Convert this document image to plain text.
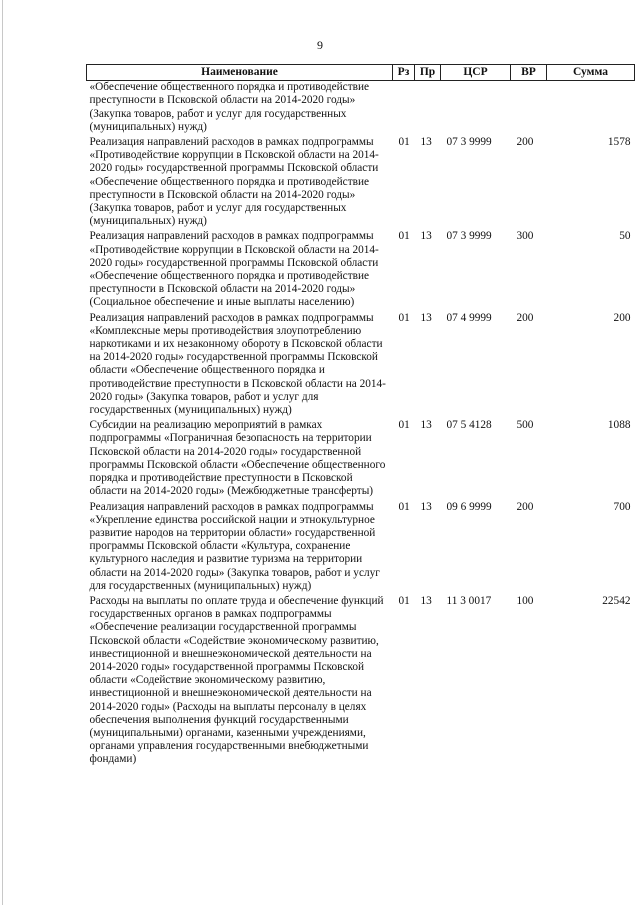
9
Наименование	Рз	Пр	ЦСР	ВР	Сумма
«Обеспечение общественного порядка и противодействие преступности в Псковской области на 2014-2020 годы» (Закупка товаров, работ и услуг для государственных (муниципальных) нужд)					
Реализация направлений расходов в рамках подпрограммы «Противодействие коррупции в Псковской области на 2014-2020 годы» государственной программы Псковской области «Обеспечение общественного порядка и противодействие преступности в Псковской области на 2014-2020 годы» (Закупка товаров, работ и услуг для государственных (муниципальных) нужд)	01	13	07 3 9999	200	1578
Реализация направлений расходов в рамках подпрограммы «Противодействие коррупции в Псковской области на 2014-2020 годы» государственной программы Псковской области «Обеспечение общественного порядка и противодействие преступности в Псковской области на 2014-2020 годы» (Социальное обеспечение и иные выплаты населению)	01	13	07 3 9999	300	50
Реализация направлений расходов в рамках подпрограммы «Комплексные меры противодействия злоупотреблению наркотиками и их незаконному обороту в Псковской области на 2014-2020 годы» государственной программы Псковской области «Обеспечение общественного порядка и противодействие преступности в Псковской области на 2014-2020 годы» (Закупка товаров, работ и услуг для государственных (муниципальных) нужд)	01	13	07 4 9999	200	200
Субсидии на реализацию мероприятий в рамках подпрограммы «Пограничная безопасность на территории Псковской области на 2014-2020 годы» государственной программы Псковской области «Обеспечение общественного порядка и противодействие преступности в Псковской области на 2014-2020 годы» (Межбюджетные трансферты)	01	13	07 5 4128	500	1088
Реализация направлений расходов в рамках подпрограммы «Укрепление единства российской нации и этнокультурное развитие народов на территории области» государственной программы Псковской области «Культура, сохранение культурного наследия и развитие туризма на территории области на 2014-2020 годы» (Закупка товаров, работ и услуг для государственных (муниципальных) нужд)	01	13	09 6 9999	200	700
Расходы на выплаты по оплате труда и обеспечение функций государственных органов в рамках подпрограммы «Обеспечение реализации государственной программы Псковской области «Содействие экономическому развитию, инвестиционной и внешнеэкономической деятельности на 2014-2020 годы» государственной программы Псковской области «Содействие экономическому развитию, инвестиционной и внешнеэкономической деятельности на 2014-2020 годы» (Расходы на выплаты персоналу в целях обеспечения выполнения функций государственными (муниципальными) органами, казенными учреждениями, органами управления государственными внебюджетными фондами)	01	13	11 3 0017	100	22542
